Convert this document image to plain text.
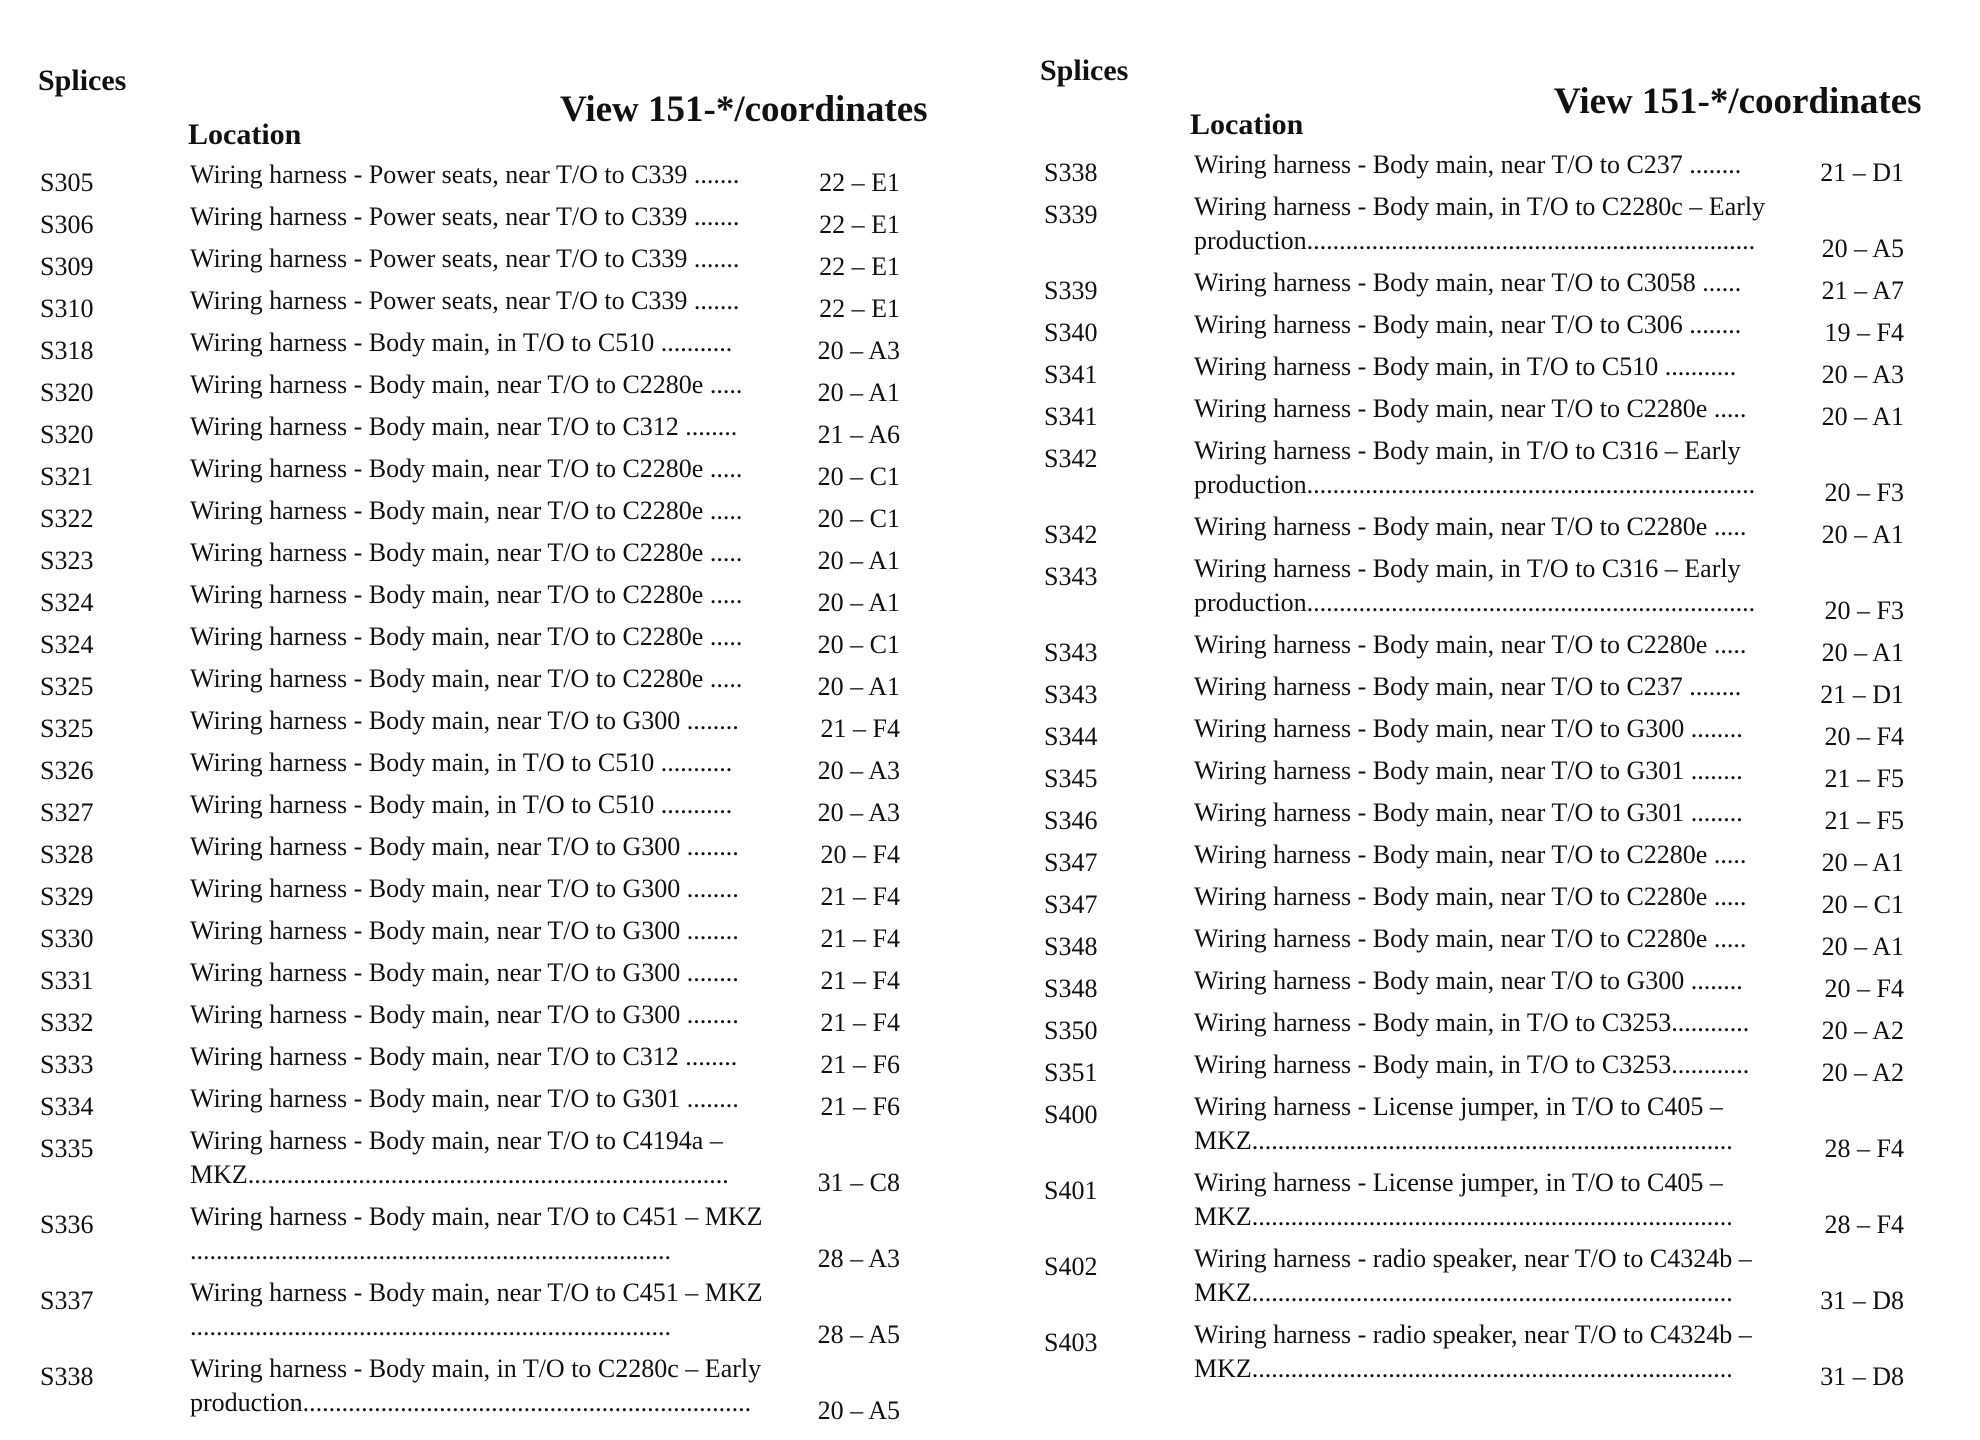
Splices
Location
View 151-*/coordinates
S305	Wiring harness - Power seats, near T/O to C339 .......	22 – E1
S306	Wiring harness - Power seats, near T/O to C339 .......	22 – E1
S309	Wiring harness - Power seats, near T/O to C339 .......	22 – E1
S310	Wiring harness - Power seats, near T/O to C339 .......	22 – E1
S318	Wiring harness - Body main, in T/O to C510 ...........	20 – A3
S320	Wiring harness - Body main, near T/O to C2280e .....	20 – A1
S320	Wiring harness - Body main, near T/O to C312 ........	21 – A6
S321	Wiring harness - Body main, near T/O to C2280e .....	20 – C1
S322	Wiring harness - Body main, near T/O to C2280e .....	20 – C1
S323	Wiring harness - Body main, near T/O to C2280e .....	20 – A1
S324	Wiring harness - Body main, near T/O to C2280e .....	20 – A1
S324	Wiring harness - Body main, near T/O to C2280e .....	20 – C1
S325	Wiring harness - Body main, near T/O to C2280e .....	20 – A1
S325	Wiring harness - Body main, near T/O to G300 ........	21 – F4
S326	Wiring harness - Body main, in T/O to C510 ...........	20 – A3
S327	Wiring harness - Body main, in T/O to C510 ...........	20 – A3
S328	Wiring harness - Body main, near T/O to G300 ........	20 – F4
S329	Wiring harness - Body main, near T/O to G300 ........	21 – F4
S330	Wiring harness - Body main, near T/O to G300 ........	21 – F4
S331	Wiring harness - Body main, near T/O to G300 ........	21 – F4
S332	Wiring harness - Body main, near T/O to G300 ........	21 – F4
S333	Wiring harness - Body main, near T/O to C312 ........	21 – F6
S334	Wiring harness - Body main, near T/O to G301 ........	21 – F6
S335	Wiring harness - Body main, near T/O to C4194a – MKZ..........................................................................	31 – C8
S336	Wiring harness - Body main, near T/O to C451 – MKZ ..........................................................................	28 – A3
S337	Wiring harness - Body main, near T/O to C451 – MKZ ..........................................................................	28 – A5
S338	Wiring harness - Body main, in T/O to C2280c – Early production.....................................................................	20 – A5
Splices
Location
View 151-*/coordinates
S338	Wiring harness - Body main, near T/O to C237 ........	21 – D1
S339	Wiring harness - Body main, in T/O to C2280c – Early production.....................................................................	20 – A5
S339	Wiring harness - Body main, near T/O to C3058 ......	21 – A7
S340	Wiring harness - Body main, near T/O to C306 ........	19 – F4
S341	Wiring harness - Body main, in T/O to C510 ...........	20 – A3
S341	Wiring harness - Body main, near T/O to C2280e .....	20 – A1
S342	Wiring harness - Body main, in T/O to C316 – Early production.....................................................................	20 – F3
S342	Wiring harness - Body main, near T/O to C2280e .....	20 – A1
S343	Wiring harness - Body main, in T/O to C316 – Early production.....................................................................	20 – F3
S343	Wiring harness - Body main, near T/O to C2280e .....	20 – A1
S343	Wiring harness - Body main, near T/O to C237 ........	21 – D1
S344	Wiring harness - Body main, near T/O to G300 ........	20 – F4
S345	Wiring harness - Body main, near T/O to G301 ........	21 – F5
S346	Wiring harness - Body main, near T/O to G301 ........	21 – F5
S347	Wiring harness - Body main, near T/O to C2280e .....	20 – A1
S347	Wiring harness - Body main, near T/O to C2280e .....	20 – C1
S348	Wiring harness - Body main, near T/O to C2280e .....	20 – A1
S348	Wiring harness - Body main, near T/O to G300 ........	20 – F4
S350	Wiring harness - Body main, in T/O to C3253............	20 – A2
S351	Wiring harness - Body main, in T/O to C3253............	20 – A2
S400	Wiring harness - License jumper, in T/O to C405 – MKZ..........................................................................	28 – F4
S401	Wiring harness - License jumper, in T/O to C405 – MKZ..........................................................................	28 – F4
S402	Wiring harness - radio speaker, near T/O to C4324b – MKZ..........................................................................	31 – D8
S403	Wiring harness - radio speaker, near T/O to C4324b – MKZ..........................................................................	31 – D8
